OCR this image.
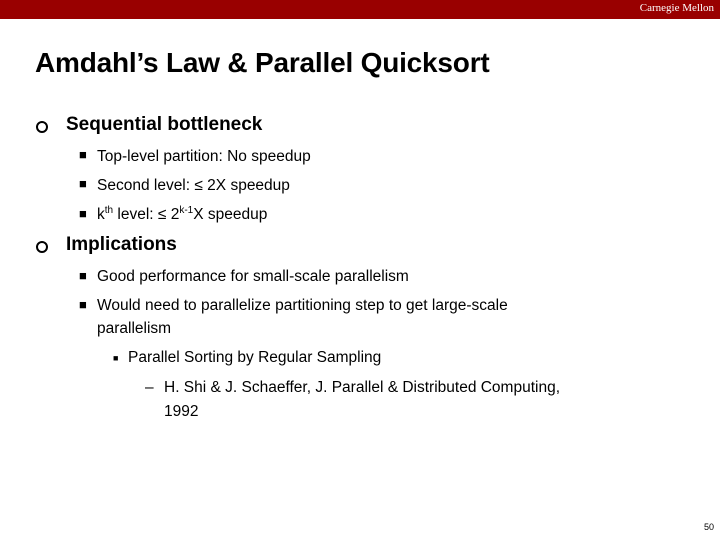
Carnegie Mellon
Amdahl’s Law & Parallel Quicksort
Sequential bottleneck
■ Top-level partition: No speedup
■ Second level: ≤ 2X speedup
■ $k^{th}$ level: ≤ $2^{k-1}X$ speedup
Implications
■ Good performance for small-scale parallelism
■ Would need to parallelize partitioning step to get large-scale
parallelism
■ Parallel Sorting by Regular Sampling
– H. Shi & J. Schaeffer, J. Parallel & Distributed Computing,
1992
50
